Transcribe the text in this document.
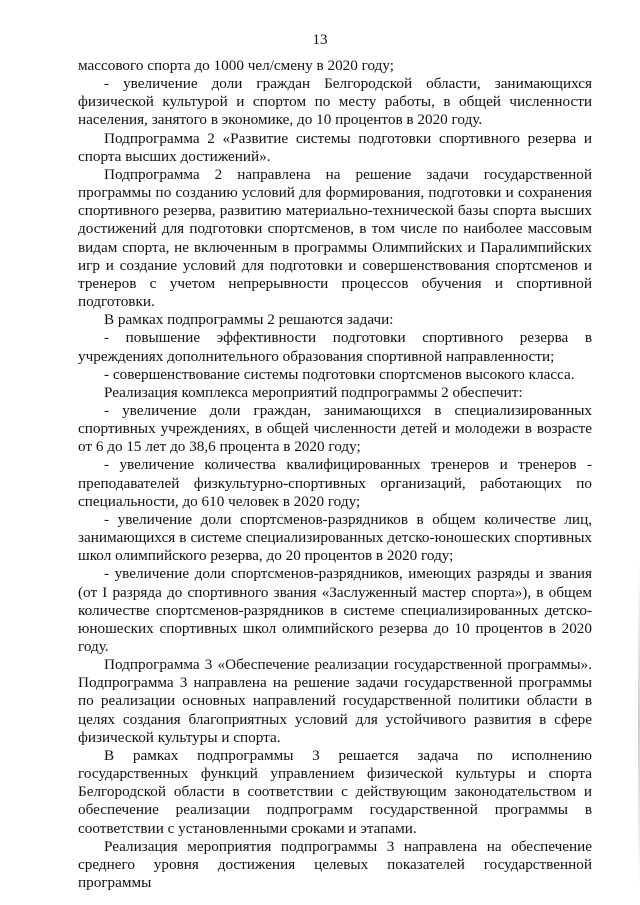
13

массового спорта до 1000 чел/смену в 2020 году;

- увеличение доли граждан Белгородской области, занимающихся физической культурой и спортом по месту работы, в общей численности населения, занятого в экономике, до 10 процентов в 2020 году.

Подпрограмма 2 «Развитие системы подготовки спортивного резерва и спорта высших достижений».

Подпрограмма 2 направлена на решение задачи государственной программы по созданию условий для формирования, подготовки и сохранения спортивного резерва, развитию материально-технической базы спорта высших достижений для подготовки спортсменов, в том числе по наиболее массовым видам спорта, не включенным в программы Олимпийских и Паралимпийских игр и создание условий для подготовки и совершенствования спортсменов и тренеров с учетом непрерывности процессов обучения и спортивной подготовки.

В рамках подпрограммы 2 решаются задачи:

- повышение эффективности подготовки спортивного резерва в учреждениях дополнительного образования спортивной направленности;

- совершенствование системы подготовки спортсменов высокого класса.

Реализация комплекса мероприятий подпрограммы 2 обеспечит:

- увеличение доли граждан, занимающихся в специализированных спортивных учреждениях, в общей численности детей и молодежи в возрасте от 6 до 15 лет до 38,6 процента в 2020 году;

- увеличение количества квалифицированных тренеров и тренеров - преподавателей физкультурно-спортивных организаций, работающих по специальности, до 610 человек в 2020 году;

- увеличение доли спортсменов-разрядников в общем количестве лиц, занимающихся в системе специализированных детско-юношеских спортивных школ олимпийского резерва, до 20 процентов в 2020 году;

- увеличение доли спортсменов-разрядников, имеющих разряды и звания (от I разряда до спортивного звания «Заслуженный мастер спорта»), в общем количестве спортсменов-разрядников в системе специализированных детско-юношеских спортивных школ олимпийского резерва до 10 процентов в 2020 году.

Подпрограмма 3 «Обеспечение реализации государственной программы». Подпрограмма 3 направлена на решение задачи государственной программы по реализации основных направлений государственной политики области в целях создания благоприятных условий для устойчивого развития в сфере физической культуры и спорта.

В рамках подпрограммы 3 решается задача по исполнению государственных функций управлением физической культуры и спорта Белгородской области в соответствии с действующим законодательством и обеспечение реализации подпрограмм государственной программы в соответствии с установленными сроками и этапами.

Реализация мероприятия подпрограммы 3 направлена на обеспечение среднего уровня достижения целевых показателей государственной программы
